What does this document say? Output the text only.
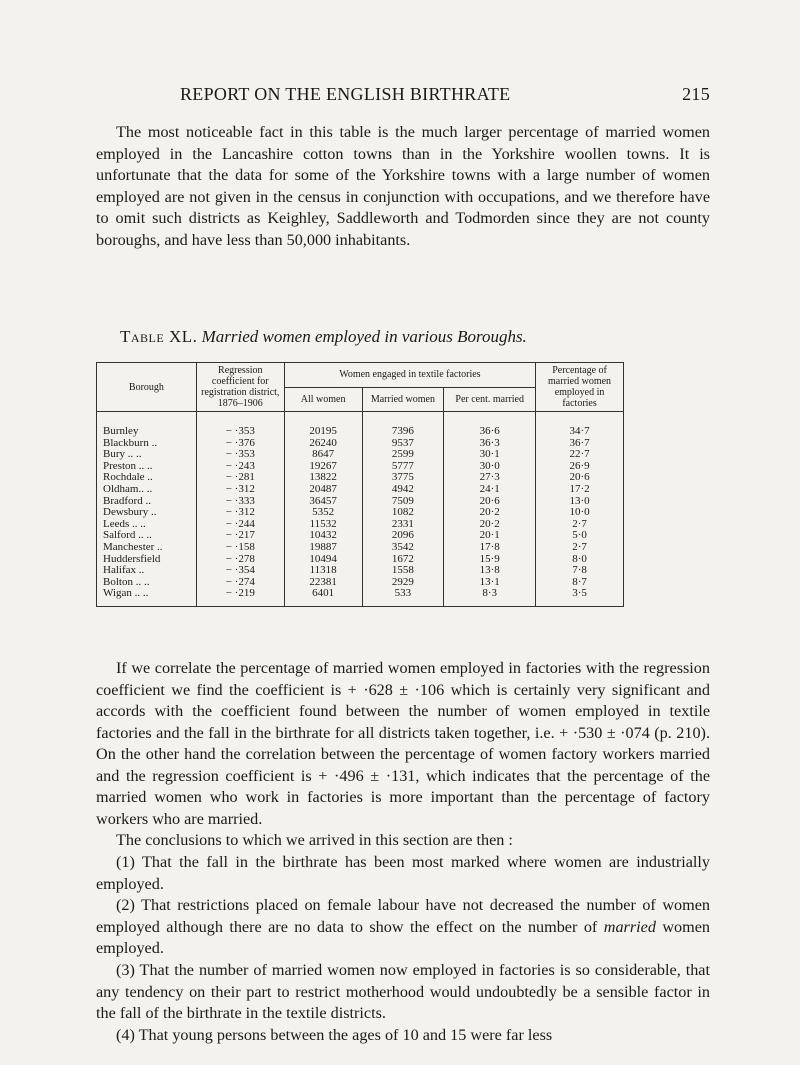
REPORT ON THE ENGLISH BIRTHRATE	215

The most noticeable fact in this table is the much larger percentage of married women employed in the Lancashire cotton towns than in the Yorkshire woollen towns. It is unfortunate that the data for some of the Yorkshire towns with a large number of women employed are not given in the census in conjunction with occupations, and we therefore have to omit such districts as Keighley, Saddleworth and Todmorden since they are not county boroughs, and have less than 50,000 inhabitants.

Table XL. Married women employed in various Boroughs.
Borough	Regression coefficient for registration district, 1876–1906	Women engaged in textile factories			Percentage of married women employed in factories
		All women	Married women	Per cent. married	
Burnley	− ·353	20195	7396	36·6	34·7
Blackburn ..	− ·376	26240	9537	36·3	36·7
Bury .. ..	− ·353	8647	2599	30·1	22·7
Preston .. ..	− ·243	19267	5777	30·0	26·9
Rochdale ..	− ·281	13822	3775	27·3	20·6
Oldham.. ..	− ·312	20487	4942	24·1	17·2
Bradford ..	− ·333	36457	7509	20·6	13·0
Dewsbury ..	− ·312	5352	1082	20·2	10·0
Leeds .. ..	− ·244	11532	2331	20·2	2·7
Salford .. ..	− ·217	10432	2096	20·1	5·0
Manchester ..	− ·158	19887	3542	17·8	2·7
Huddersfield	− ·278	10494	1672	15·9	8·0
Halifax ..	− ·354	11318	1558	13·8	7·8
Bolton .. ..	− ·274	22381	2929	13·1	8·7
Wigan .. ..	− ·219	6401	533	8·3	3·5

If we correlate the percentage of married women employed in factories with the regression coefficient we find the coefficient is + ·628 ± ·106 which is certainly very significant and accords with the coefficient found between the number of women employed in textile factories and the fall in the birthrate for all districts taken together, i.e. + ·530 ± ·074 (p. 210). On the other hand the correlation between the percentage of women factory workers married and the regression coefficient is + ·496 ± ·131, which indicates that the percentage of the married women who work in factories is more important than the percentage of factory workers who are married.

The conclusions to which we arrived in this section are then :

(1) That the fall in the birthrate has been most marked where women are industrially employed.

(2) That restrictions placed on female labour have not decreased the number of women employed although there are no data to show the effect on the number of married women employed.

(3) That the number of married women now employed in factories is so considerable, that any tendency on their part to restrict motherhood would undoubtedly be a sensible factor in the fall of the birthrate in the textile districts.

(4) That young persons between the ages of 10 and 15 were far less
